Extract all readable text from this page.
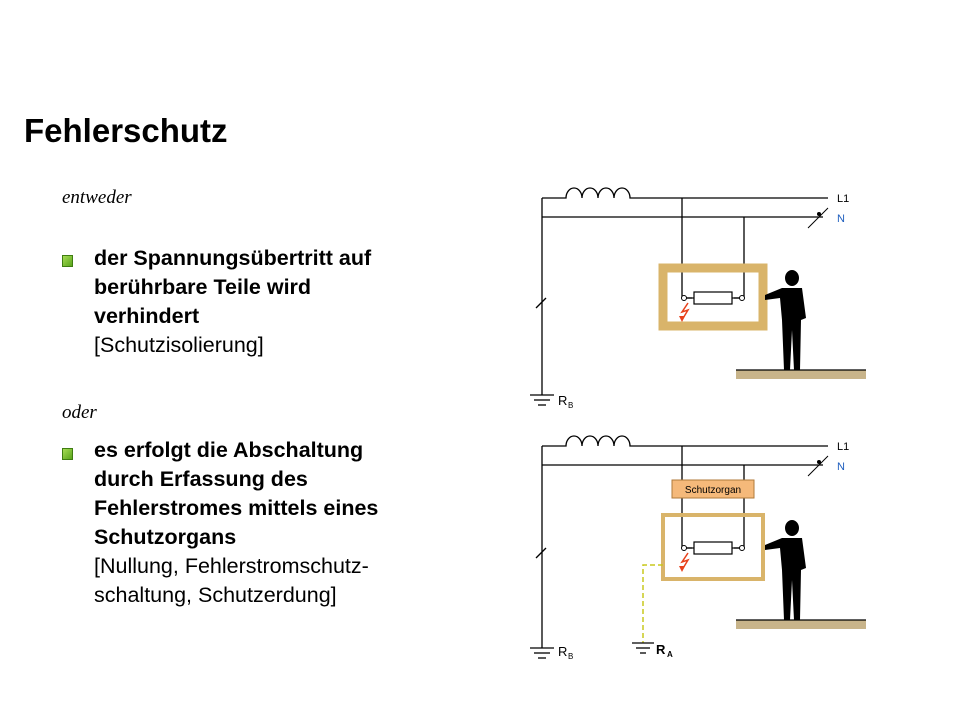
Fehlerschutz
entweder
der Spannungsübertritt auf
berührbare Teile wird
verhindert
[Schutzisolierung]
oder
es erfolgt die Abschaltung
durch Erfassung des
Fehlerstromes mittels eines
Schutzorgans
[Nullung, Fehlerstromschutz-
schaltung, Schutzerdung]
L1
N
R B
Schutzorgan
L1
N
R B	R A
